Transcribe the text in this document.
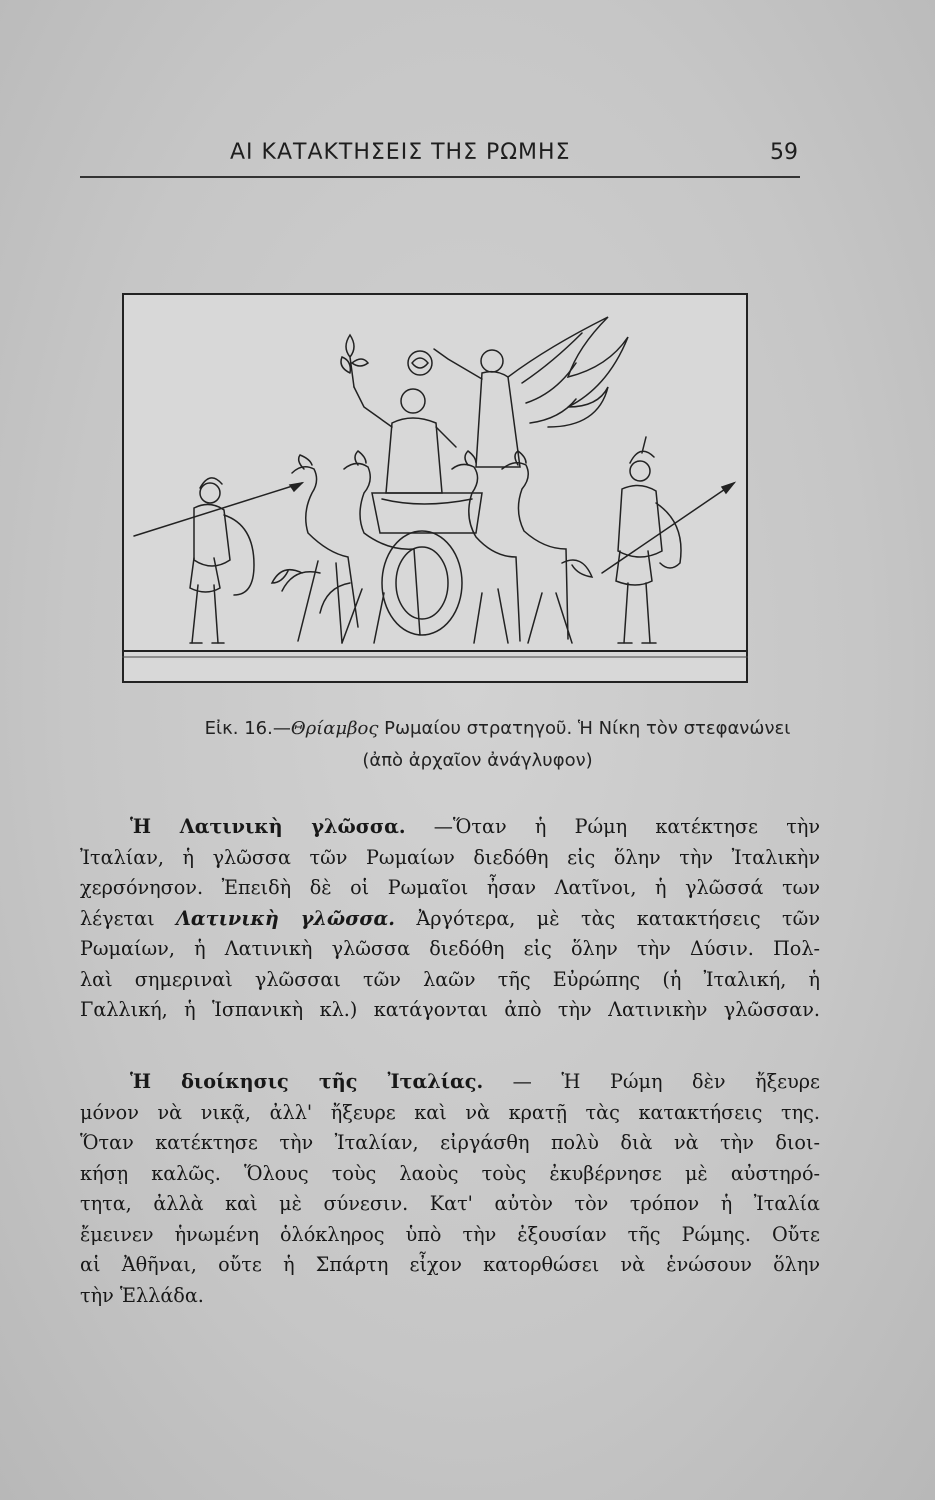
ΑΙ ΚΑΤΑΚΤΗΣΕΙΣ ΤΗΣ ΡΩΜΗΣ	59
Εἰκ. 16.—Θρίαμβος Ρωμαίου στρατηγοῦ. Ἡ Νίκη τὸν στεφανώνει
(ἀπὸ ἀρχαῖον ἀνάγλυφον)
Ἡ Λατινικὴ γλῶσσα. —Ὅταν ἡ Ρώμη κατέκτησε τὴν
Ἰταλίαν, ἡ γλῶσσα τῶν Ρωμαίων διεδόθη εἰς ὅλην τὴν Ἰταλικὴν
χερσόνησον. Ἐπειδὴ δὲ οἱ Ρωμαῖοι ἦσαν Λατῖνοι, ἡ γλῶσσά των
λέγεται Λατινικὴ γλῶσσα. Ἀργότερα, μὲ τὰς κατακτήσεις τῶν
Ρωμαίων, ἡ Λατινικὴ γλῶσσα διεδόθη εἰς ὅλην τὴν Δύσιν. Πολ-
λαὶ σημεριναὶ γλῶσσαι τῶν λαῶν τῆς Εὐρώπης (ἡ Ἰταλική, ἡ
Γαλλική, ἡ Ἱσπανικὴ κλ.) κατάγονται ἀπὸ τὴν Λατινικὴν γλῶσσαν.
Ἡ διοίκησις τῆς Ἰταλίας. — Ἡ Ρώμη δὲν ἤξευρε
μόνον νὰ νικᾷ, ἀλλ' ἤξευρε καὶ νὰ κρατῇ τὰς κατακτήσεις της.
Ὅταν κατέκτησε τὴν Ἰταλίαν, εἰργάσθη πολὺ διὰ νὰ τὴν διοι-
κήσῃ καλῶς. Ὅλους τοὺς λαοὺς τοὺς ἐκυβέρνησε μὲ αὐστηρό-
τητα, ἀλλὰ καὶ μὲ σύνεσιν. Κατ' αὐτὸν τὸν τρόπον ἡ Ἰταλία
ἔμεινεν ἡνωμένη ὁλόκληρος ὑπὸ τὴν ἐξουσίαν τῆς Ρώμης. Οὔτε
αἱ Ἀθῆναι, οὔτε ἡ Σπάρτη εἶχον κατορθώσει νὰ ἑνώσουν ὅλην
τὴν Ἑλλάδα.
